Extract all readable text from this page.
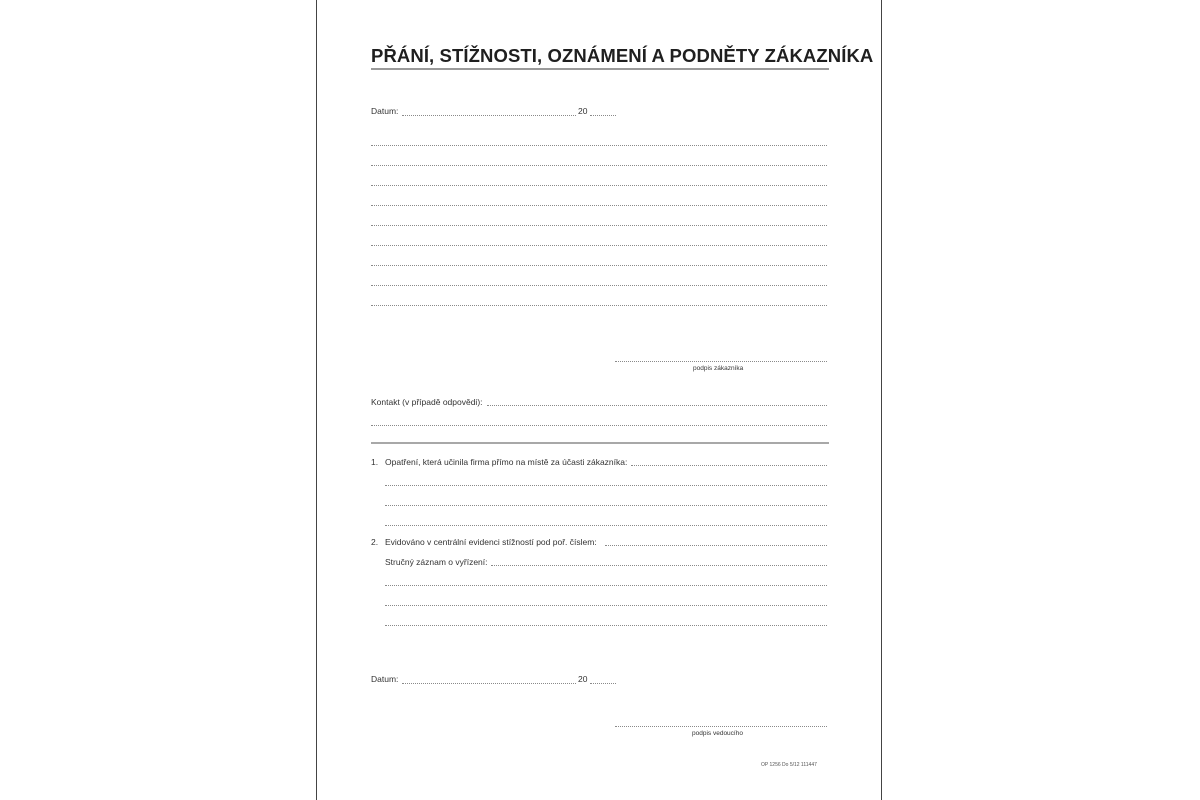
PŘÁNÍ, STÍŽNOSTI, OZNÁMENÍ A PODNĚTY ZÁKAZNÍKA
Datum:	20
podpis zákazníka
Kontakt (v případě odpovědi):
1. Opatření, která učinila firma přímo na místě za účasti zákazníka:
2. Evidováno v centrální evidenci stížností pod poř. číslem:
Stručný záznam o vyřízení:
Datum:	20
podpis vedoucího
OP 1256 Do 5/12 111447
